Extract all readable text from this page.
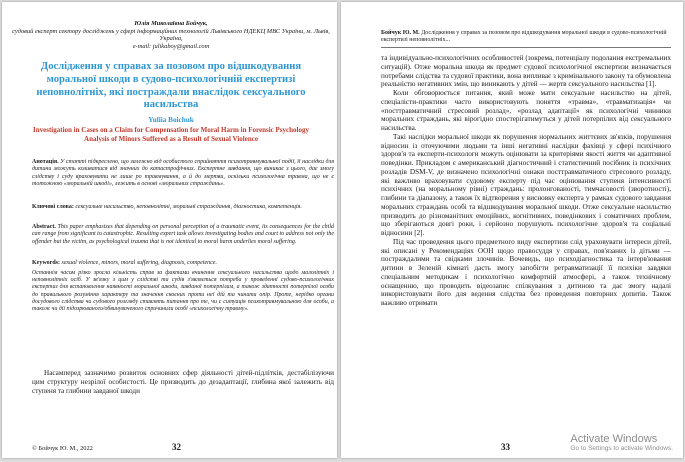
Юлія Миколаївна Бойчук,
судовий експерт сектору досліджень у сфері інформаційних технологій Львівського НДЕКЦ МВС України, м. Львів, Україна,
e-mail: julikaboy@gmail.com
Дослідження у справах за позовом про відшкодування моральної шкоди в судово-психологічній експертизі неповнолітніх, які постраждали внаслідок сексуального насильства
Yuliia Boichuk
Investigation in Cases on a Claim for Compensation for Moral Harm in Forensic Psychology Analysis of Minors Suffered as a Result of Sexual Violence

Анотація. У статті підкреслено, що залежно від особистого сприйняття психотравмувальної події, її наслідки для дитини можуть коливатися від значних до катастрофічних. Експертне завдання, що виникає з цього, дає змогу слідству і суду враховувати не лише ро травмування, а й до мертви, оскільки психологічна травма, що не є тотожною «моральній шкоді», лежить в основі «моральних страждань».

Ключові слова: сексуальне насильство, неповнолітні, моральні страждання, діагностика, компетенція.

Abstract. This paper emphasizes that depending on personal perception of a traumatic event, its consequences for the child can range from significant to catastrophic. Resulting expert task allows investigating bodies and court to address not only the offender but the victim, as psychological trauma that is not identical to moral harm underlies moral suffering.

Keywords: sexual violence, minors, moral suffering, diagnosis, competence.

Останнім часом різко зросла кількість справ за фактами вчинення сексуального насильства щодо малолітніх і неповнолітніх осіб. У зв'язку з цим у слідстві та судів з'являється потреба у проведенні судово-психологічних експертиз для встановлення наявності моральної шкоди, завданої потерпілим, а також здатності потерпілої особи до правильного розуміння характеру та значення скоєних проти неї дій та чинити опір. Проте, нерідко органи досудового слідства чи судового розгляду ставлять питання про те, чи є ситуація психотравмувальною для особи, а також чи дії підозрюваного/обвинуваченого спричинили особі «психологічну травму».

Насамперед зазначимо розвиток основних сфер діяльності дітей-підлітків, дестабілізуючи цим структуру незрілої особистості. Це призводить до дезадаптації, глибина якої залежить від ступеня та глибини завданої шкоди

© Бойчук Ю. М., 2022	32
Бойчук Ю. М. Дослідження у справах за позовом про відшкодування моральної шкоди в судово-психологічній експертизі неповнолітніх...

та індивідуально-психологічних особливостей (зокрема, потенціалу подолання екстремальних ситуацій). Отже моральна шкода як предмет судової психологічної експертизи визначається потребами слідства та судової практики, вона випливає з кримінального закону та обумовлена реальністю негативних змін, що виникають у дітей — жертв сексуального насильства [1].

Коли обговорюється питання, який може мати сексуальне насильство на дітей, спеціалісти-практики часто використовують поняття «травма», «травматизація» чи «посттравматичний стресовий розлад», «розлад адаптації» як психологічні чинники моральних страждань, які вірогідно спостерігатимуться у дітей потерпілих від сексуального насильства.

Такі наслідки моральної шкоди як порушення нормальних життєвих зв'язків, порушення відносин із оточуючими людьми та інші негативні наслідки фахівці у сфері психічного здоров'я та експерти-психологи можуть оцінювати за критеріями якості життя чи адаптивної поведінки. Прикладом є американський діагностичний і статистичний посібник із психічних розладів DSM-V, де визначено психологічні ознаки посттравматичного стресового розладу, які важливо враховувати судовому експерту під час оцінювання ступеня інтенсивності психічних (на моральному рівні) страждань: пролонгованості, тимчасовості (зворотності), глибини та діапазону, а також їх відтворення у висновку експерта у рамках судового завдання моральних страждань особі та відшкодування моральної шкоди. Отже сексуальне насильство призводить до різноманітних емоційних, когнітивних, поведінкових і соматичних проблем, що зберігаються довгі роки, і серйозно порушують психологічне здоров'я та соціальні відносини [2].

Під час проведення цього предметного виду експертизи слід ураховувати інтереси дітей, які описані у Рекомендаціях ООН щодо правосуддя у справах, пов'язаних із дітьми — постраждалими та свідками злочинів. Вочевидь, що психодіагностика та інтерв'ювання дитини в Зеленій кімнаті дасть змогу запобігти ретравматизації її психіки завдяки спеціальним методикам і психологічно комфортній атмосфері, а також технічному оснащенню, що проводить відеозапис спілкування з дитиною та дає змогу надалі використовувати його для ведення слідства без проведення повторних допитів. Також важливо отримати

33
Activate Windows
Go to Settings to activate Windows.
